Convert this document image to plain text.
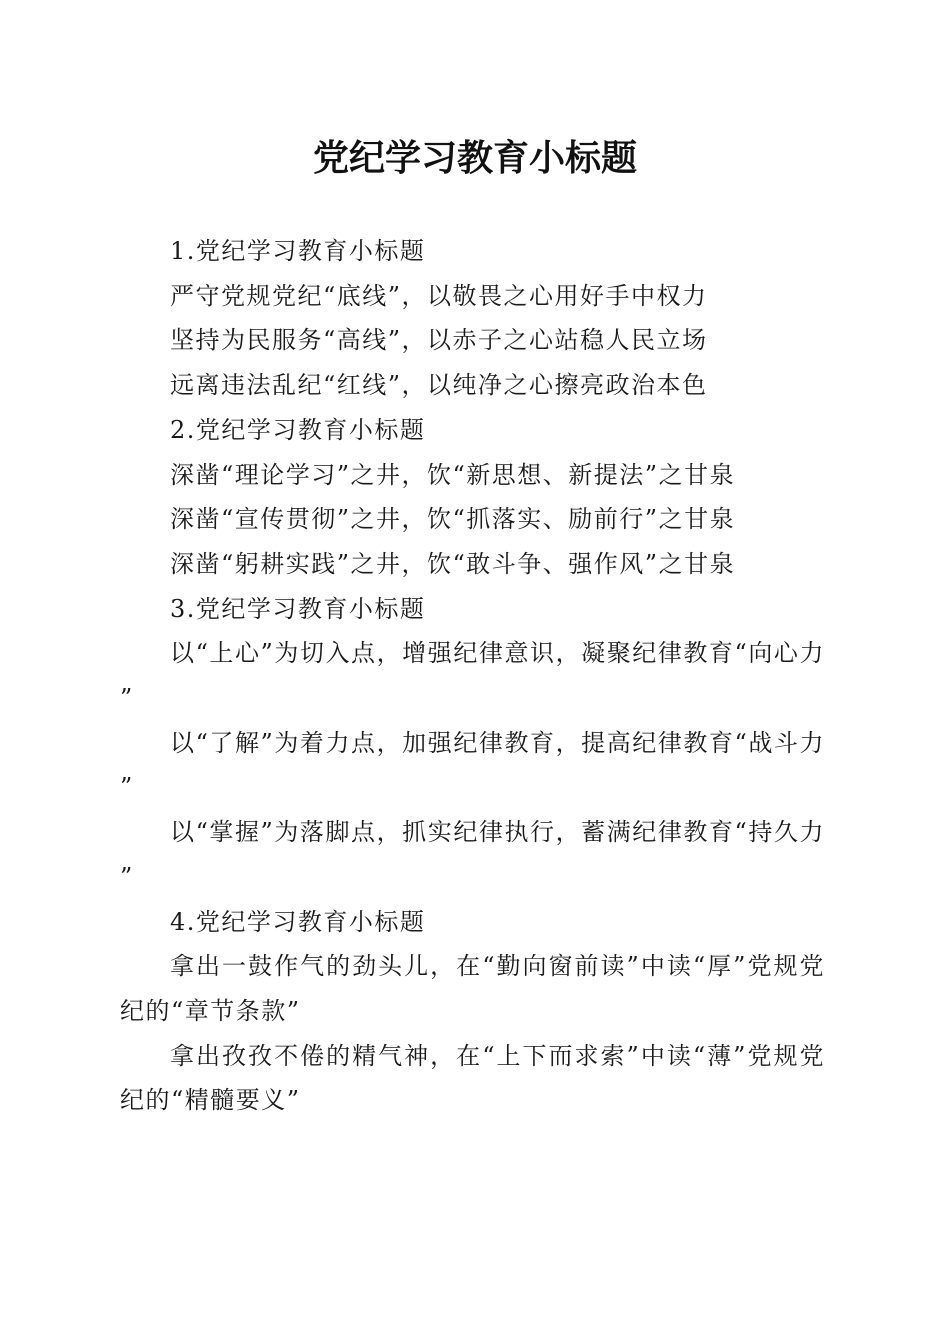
党纪学习教育小标题

1.党纪学习教育小标题

严守党规党纪“底线”，以敬畏之心用好手中权力

坚持为民服务“高线”，以赤子之心站稳人民立场

远离违法乱纪“红线”，以纯净之心擦亮政治本色

2.党纪学习教育小标题

深凿“理论学习”之井，饮“新思想、新提法”之甘泉

深凿“宣传贯彻”之井，饮“抓落实、励前行”之甘泉

深凿“躬耕实践”之井，饮“敢斗争、强作风”之甘泉

3.党纪学习教育小标题

以“上心”为切入点，增强纪律意识，凝聚纪律教育“向心力”

以“了解”为着力点，加强纪律教育，提高纪律教育“战斗力”

以“掌握”为落脚点，抓实纪律执行，蓄满纪律教育“持久力”

4.党纪学习教育小标题

拿出一鼓作气的劲头儿，在“勤向窗前读”中读“厚”党规党纪的“章节条款”

拿出孜孜不倦的精气神，在“上下而求索”中读“薄”党规党纪的“精髓要义”
